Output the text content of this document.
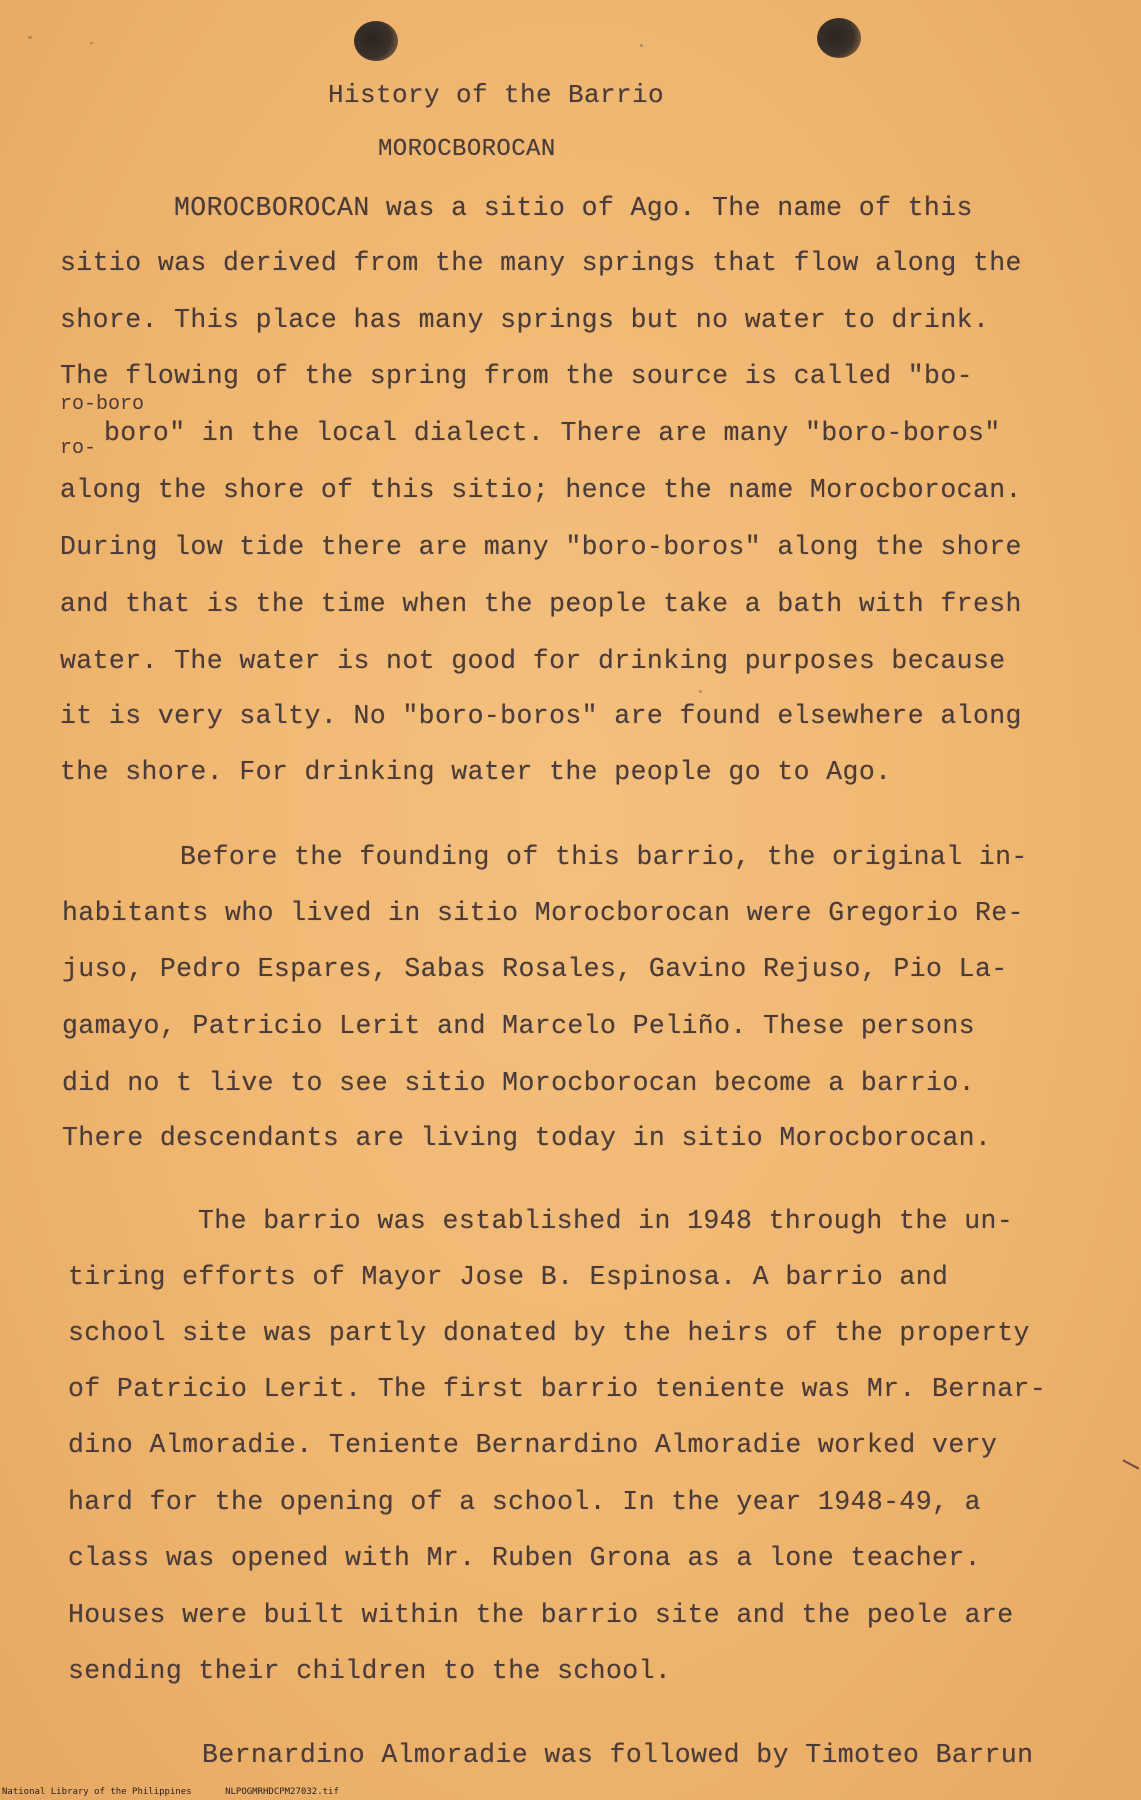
History of the Barrio
MOROCBOROCAN
MOROCBOROCAN was a sitio of Ago. The name of this
sitio was derived from the many springs that flow along the
shore. This place has many springs but no water to drink.
The flowing of the spring from the source is called "bo-
ro-boro
ro-
boro" in the local dialect. There are many "boro-boros"
along the shore of this sitio; hence the name Morocborocan.
During low tide there are many "boro-boros" along the shore
and that is the time when the people take a bath with fresh
water. The water is not good for drinking purposes because
it is very salty. No "boro-boros" are found elsewhere along
the shore. For drinking water the people go to Ago.
Before the founding of this barrio, the original in-
habitants who lived in sitio Morocborocan were Gregorio Re-
juso, Pedro Espares, Sabas Rosales, Gavino Rejuso, Pio La-
gamayo, Patricio Lerit and Marcelo Peliño. These persons
did no t live to see sitio Morocborocan become a barrio.
There descendants are living today in sitio Morocborocan.
The barrio was established in 1948 through the un-
tiring efforts of Mayor Jose B. Espinosa. A barrio and
school site was partly donated by the heirs of the property
of Patricio Lerit. The first barrio teniente was Mr. Bernar-
dino Almoradie. Teniente Bernardino Almoradie worked very
hard for the opening of a school. In the year 1948-49, a
class was opened with Mr. Ruben Grona as a lone teacher.
Houses were built within the barrio site and the peole are
sending their children to the school.
Bernardino Almoradie was followed by Timoteo Barrun
National Library of the Philippines	NLPOGMRHDCPM27032.tif
